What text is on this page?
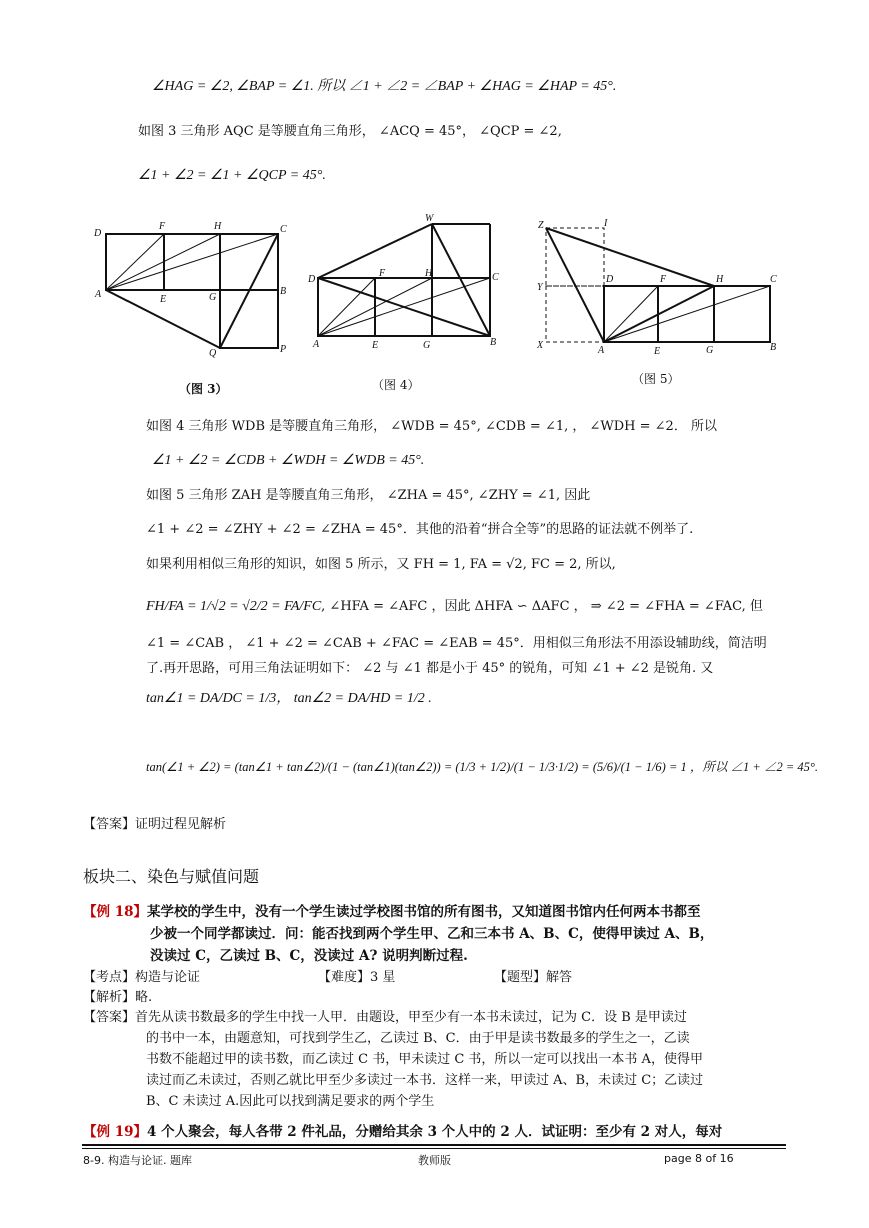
∠HAG = ∠2, ∠BAP = ∠1. 所以 ∠1 + ∠2 = ∠BAP + ∠HAG = ∠HAP = 45°.
如图 3 三角形 AQC 是等腰直角三角形， ∠ACQ = 45°， ∠QCP = ∠2,
∠1 + ∠2 = ∠1 + ∠QCP = 45°.
D
F	H	C
A	E	G
B
Q	P
（图 3）
W
D
F	H	C
A	E	G	B
（图 4）
Z	I
Y
D	F	H	C
X	A	E	G	B
（图 5）
如图 4 三角形 WDB 是等腰直角三角形， ∠WDB = 45°, ∠CDB = ∠1, ， ∠WDH = ∠2． 所以
∠1 + ∠2 = ∠CDB + ∠WDH = ∠WDB = 45°.
如图 5 三角形 ZAH 是等腰直角三角形， ∠ZHA = 45°, ∠ZHY = ∠1, 因此
∠1 + ∠2 = ∠ZHY + ∠2 = ∠ZHA = 45°．其他的沿着“拼合全等”的思路的证法就不例举了.
如果利用相似三角形的知识，如图 5 所示，又 FH = 1, FA = √2, FC = 2, 所以,
FH/FA = 1/√2 = √2/2 = FA/FC, ∠HFA = ∠AFC ，因此 ΔHFA ∽ ΔAFC ， ⇒ ∠2 = ∠FHA = ∠FAC, 但
∠1 = ∠CAB ， ∠1 + ∠2 = ∠CAB + ∠FAC = ∠EAB = 45°．用相似三角形法不用添设辅助线，简洁明
了.再开思路，可用三角法证明如下： ∠2 与 ∠1 都是小于 45° 的锐角，可知 ∠1 + ∠2 是锐角. 又
tan∠1 = DA/DC = 1/3， tan∠2 = DA/HD = 1/2 .
tan(∠1 + ∠2) = (tan∠1 + tan∠2)/(1 − (tan∠1)(tan∠2)) = (1/3 + 1/2)/(1 − 1/3·1/2) = (5/6)/(1 − 1/6) = 1 ，所以 ∠1 + ∠2 = 45°.
【答案】证明过程见解析
板块二、染色与赋值问题
【例 18】某学校的学生中，没有一个学生读过学校图书馆的所有图书，又知道图书馆内任何两本书都至
少被一个同学都读过．问：能否找到两个学生甲、乙和三本书 A、B、C，使得甲读过 A、B，
没读过 C，乙读过 B、C，没读过 A? 说明判断过程.
【考点】构造与论证	【难度】3 星	【题型】解答
【解析】略.
【答案】首先从读书数最多的学生中找一人甲．由题设，甲至少有一本书未读过，记为 C．设 B 是甲读过
的书中一本，由题意知，可找到学生乙，乙读过 B、C．由于甲是读书数最多的学生之一，乙读
书数不能超过甲的读书数，而乙读过 C 书，甲未读过 C 书，所以一定可以找出一本书 A，使得甲
读过而乙未读过，否则乙就比甲至少多读过一本书．这样一来，甲读过 A、B，未读过 C；乙读过
B、C 未读过 A.因此可以找到满足要求的两个学生
【例 19】4 个人聚会，每人各带 2 件礼品，分赠给其余 3 个人中的 2 人．试证明：至少有 2 对人，每对
8-9. 构造与论证. 题库	教师版	page 8 of 16
